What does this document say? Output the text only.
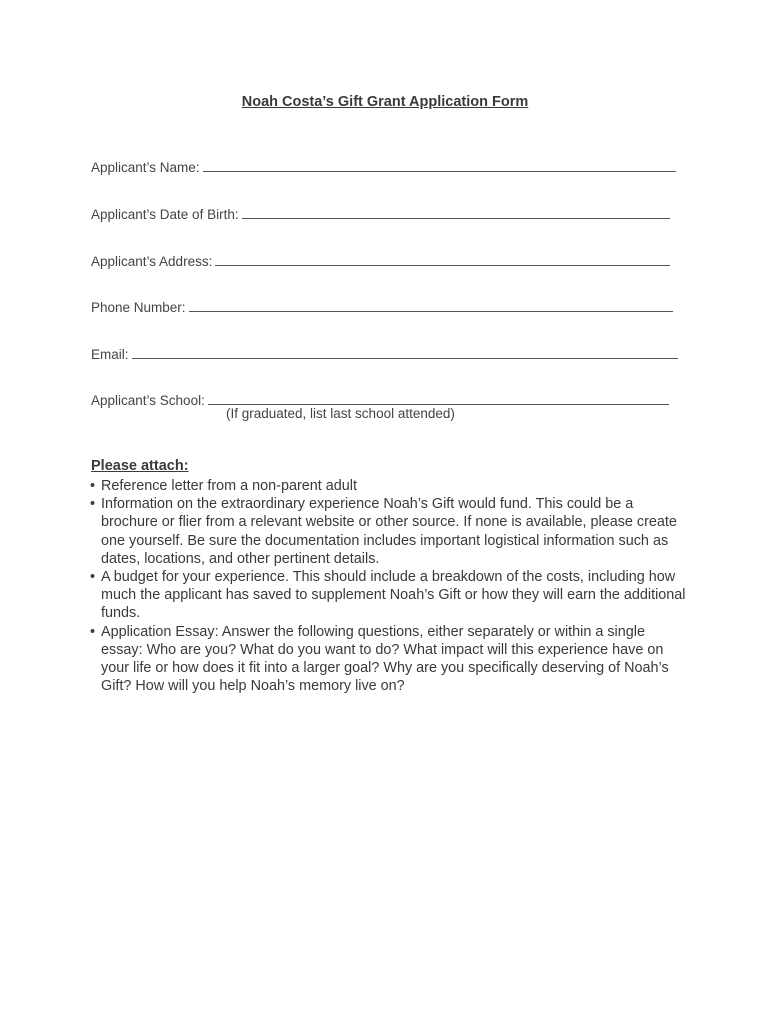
Noah Costa’s Gift Grant Application Form
Applicant’s Name:
Applicant’s Date of Birth:
Applicant’s Address:
Phone Number:
Email:
Applicant’s School:
(If graduated, list last school attended)
Please attach:
• Reference letter from a non-parent adult
• Information on the extraordinary experience Noah’s Gift would fund. This could be a brochure or flier from a relevant website or other source. If none is available, please create one yourself. Be sure the documentation includes important logistical information such as dates, locations, and other pertinent details.
• A budget for your experience. This should include a breakdown of the costs, including how much the applicant has saved to supplement Noah’s Gift or how they will earn the additional funds.
• Application Essay: Answer the following questions, either separately or within a single essay: Who are you? What do you want to do? What impact will this experience have on your life or how does it fit into a larger goal? Why are you specifically deserving of Noah’s Gift? How will you help Noah’s memory live on?
